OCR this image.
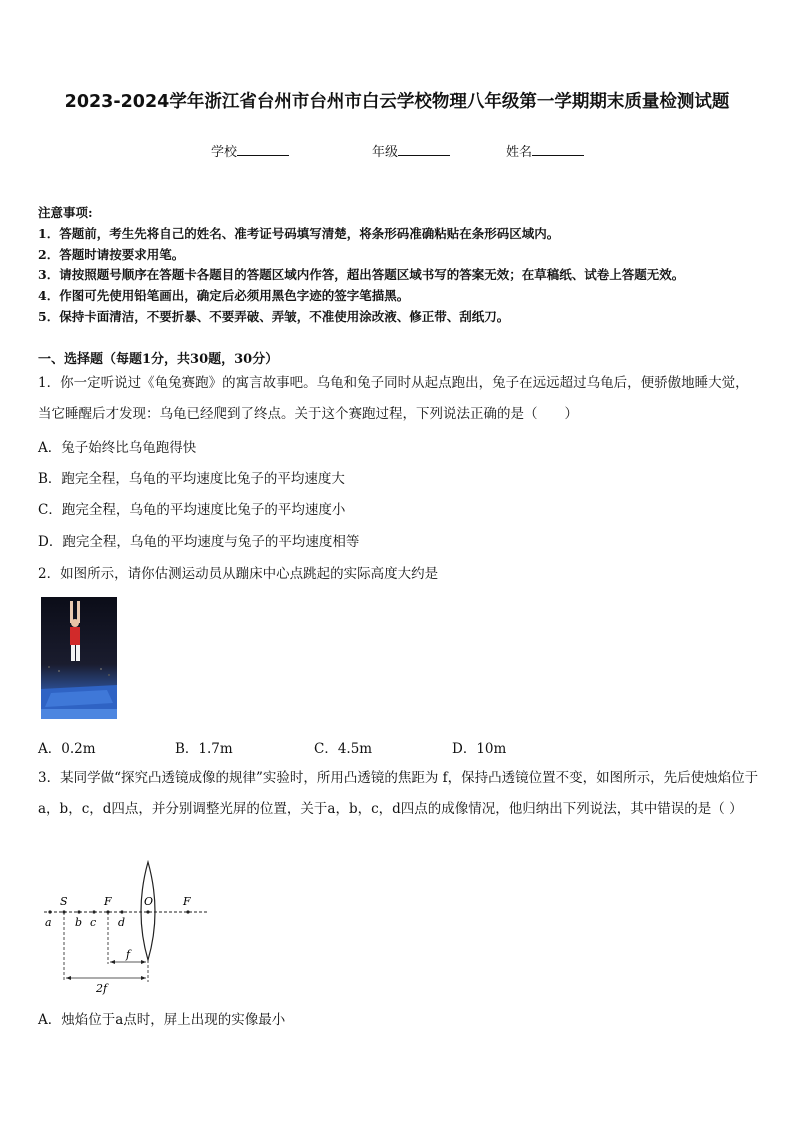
2023-2024学年浙江省台州市台州市白云学校物理八年级第一学期期末质量检测试题
学校	年级	姓名
注意事项:
1．答题前，考生先将自己的姓名、准考证号码填写清楚，将条形码准确粘贴在条形码区域内。
2．答题时请按要求用笔。
3．请按照题号顺序在答题卡各题目的答题区域内作答，超出答题区域书写的答案无效；在草稿纸、试卷上答题无效。
4．作图可先使用铅笔画出，确定后必须用黑色字迹的签字笔描黑。
5．保持卡面清洁，不要折暴、不要弄破、弄皱，不准使用涂改液、修正带、刮纸刀。
一、选择题（每题1分，共30题，30分）
1．你一定听说过《龟兔赛跑》的寓言故事吧。乌龟和兔子同时从起点跑出，兔子在远远超过乌龟后，便骄傲地睡大觉，当它睡醒后才发现：乌龟已经爬到了终点。关于这个赛跑过程，下列说法正确的是（　　）
A．兔子始终比乌龟跑得快
B．跑完全程，乌龟的平均速度比兔子的平均速度大
C．跑完全程，乌龟的平均速度比兔子的平均速度小
D．跑完全程，乌龟的平均速度与兔子的平均速度相等
2．如图所示，请你估测运动员从蹦床中心点跳起的实际高度大约是
A．0.2m	B．1.7m	C．4.5m	D．10m
3．某同学做“探究凸透镜成像的规律”实验时，所用凸透镜的焦距为 f，保持凸透镜位置不变，如图所示，先后使烛焰位于a，b，c，d四点，并分别调整光屏的位置，关于a，b，c，d四点的成像情况，他归纳出下列说法，其中错误的是（ ）
S	F	O	F
a b c d
f
2f
A．烛焰位于a点时，屏上出现的实像最小
